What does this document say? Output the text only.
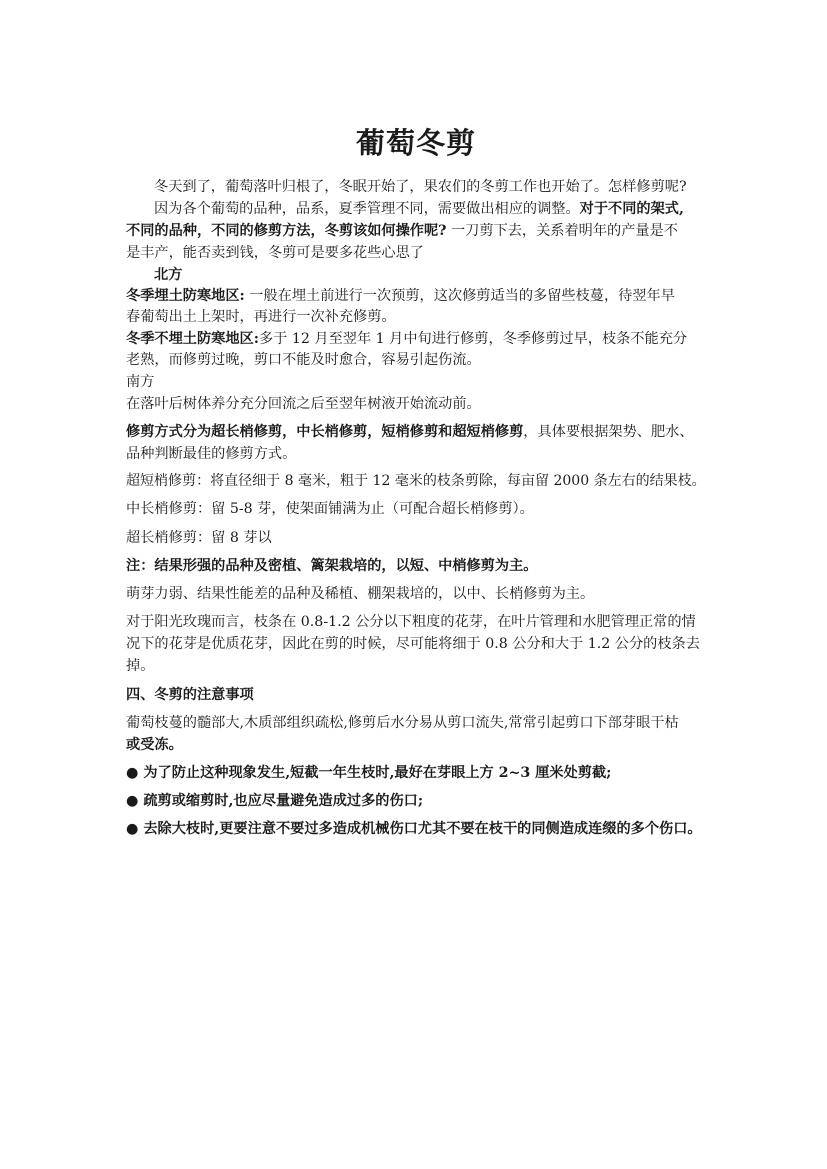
葡萄冬剪

冬天到了，葡萄落叶归根了，冬眠开始了，果农们的冬剪工作也开始了。怎样修剪呢?

因为各个葡萄的品种，品系，夏季管理不同，需要做出相应的调整。对于不同的架式,

不同的品种，不同的修剪方法，冬剪该如何操作呢? 一刀剪下去，关系着明年的产量是不

是丰产，能否卖到钱，冬剪可是要多花些心思了

北方

冬季埋土防寒地区: 一般在埋土前进行一次预剪，这次修剪适当的多留些枝蔓，待翌年早

春葡萄出土上架时，再进行一次补充修剪。

冬季不埋土防寒地区:多于 12 月至翌年 1 月中旬进行修剪，冬季修剪过早，枝条不能充分

老熟，而修剪过晚，剪口不能及时愈合，容易引起伤流。

南方

在落叶后树体养分充分回流之后至翌年树液开始流动前。

修剪方式分为超长梢修剪，中长梢修剪，短梢修剪和超短梢修剪，具体要根据架势、肥水、

品种判断最佳的修剪方式。

超短梢修剪：将直径细于 8 毫米，粗于 12 毫米的枝条剪除，每亩留 2000 条左右的结果枝。

中长梢修剪：留 5-8 芽，使架面铺满为止（可配合超长梢修剪）。

超长梢修剪：留 8 芽以

注：结果形强的品种及密植、篱架栽培的，以短、中梢修剪为主。

萌芽力弱、结果性能差的品种及稀植、棚架栽培的，以中、长梢修剪为主。

对于阳光玫瑰而言，枝条在 0.8-1.2 公分以下粗度的花芽，在叶片管理和水肥管理正常的情

况下的花芽是优质花芽，因此在剪的时候，尽可能将细于 0.8 公分和大于 1.2 公分的枝条去

掉。

四、冬剪的注意事项

葡萄枝蔓的髓部大,木质部组织疏松,修剪后水分易从剪口流失,常常引起剪口下部芽眼干枯

或受冻。

● 为了防止这种现象发生,短截一年生枝时,最好在芽眼上方 2~3 厘米处剪截;

● 疏剪或缩剪时,也应尽量避免造成过多的伤口;

● 去除大枝时,更要注意不要过多造成机械伤口尤其不要在枝干的同侧造成连缀的多个伤口。
